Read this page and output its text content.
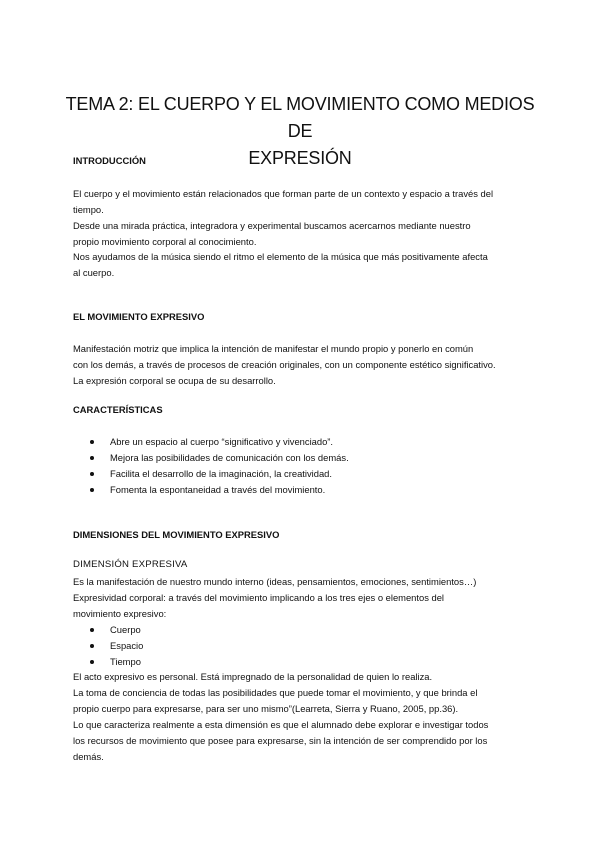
TEMA 2: EL CUERPO Y EL MOVIMIENTO COMO MEDIOS DE
EXPRESIÓN
INTRODUCCIÓN
El cuerpo y el movimiento están relacionados que forman parte de un contexto y espacio a través del
tiempo.
Desde una mirada práctica, integradora y experimental buscamos acercarnos mediante nuestro
propio movimiento corporal al conocimiento.
Nos ayudamos de la música siendo el ritmo el elemento de la música que más positivamente afecta
al cuerpo.
EL MOVIMIENTO EXPRESIVO
Manifestación motriz que implica la intención de manifestar el mundo propio y ponerlo en común
con los demás, a través de procesos de creación originales, con un componente estético significativo.
La expresión corporal se ocupa de su desarrollo.
CARACTERÍSTICAS
Abre un espacio al cuerpo “significativo y vivenciado”.
Mejora las posibilidades de comunicación con los demás.
Facilita el desarrollo de la imaginación, la creatividad.
Fomenta la espontaneidad a través del movimiento.
DIMENSIONES DEL MOVIMIENTO EXPRESIVO
DIMENSIÓN EXPRESIVA
Es la manifestación de nuestro mundo interno (ideas, pensamientos, emociones, sentimientos…)
Expresividad corporal: a través del movimiento implicando a los tres ejes o elementos del
movimiento expresivo:
Cuerpo
Espacio
Tiempo
El acto expresivo es personal. Está impregnado de la personalidad de quien lo realiza.
La toma de conciencia de todas las posibilidades que puede tomar el movimiento, y que brinda el
propio cuerpo para expresarse, para ser uno mismo”(Learreta, Sierra y Ruano, 2005, pp.36).
Lo que caracteriza realmente a esta dimensión es que el alumnado debe explorar e investigar todos
los recursos de movimiento que posee para expresarse, sin la intención de ser comprendido por los
demás.
